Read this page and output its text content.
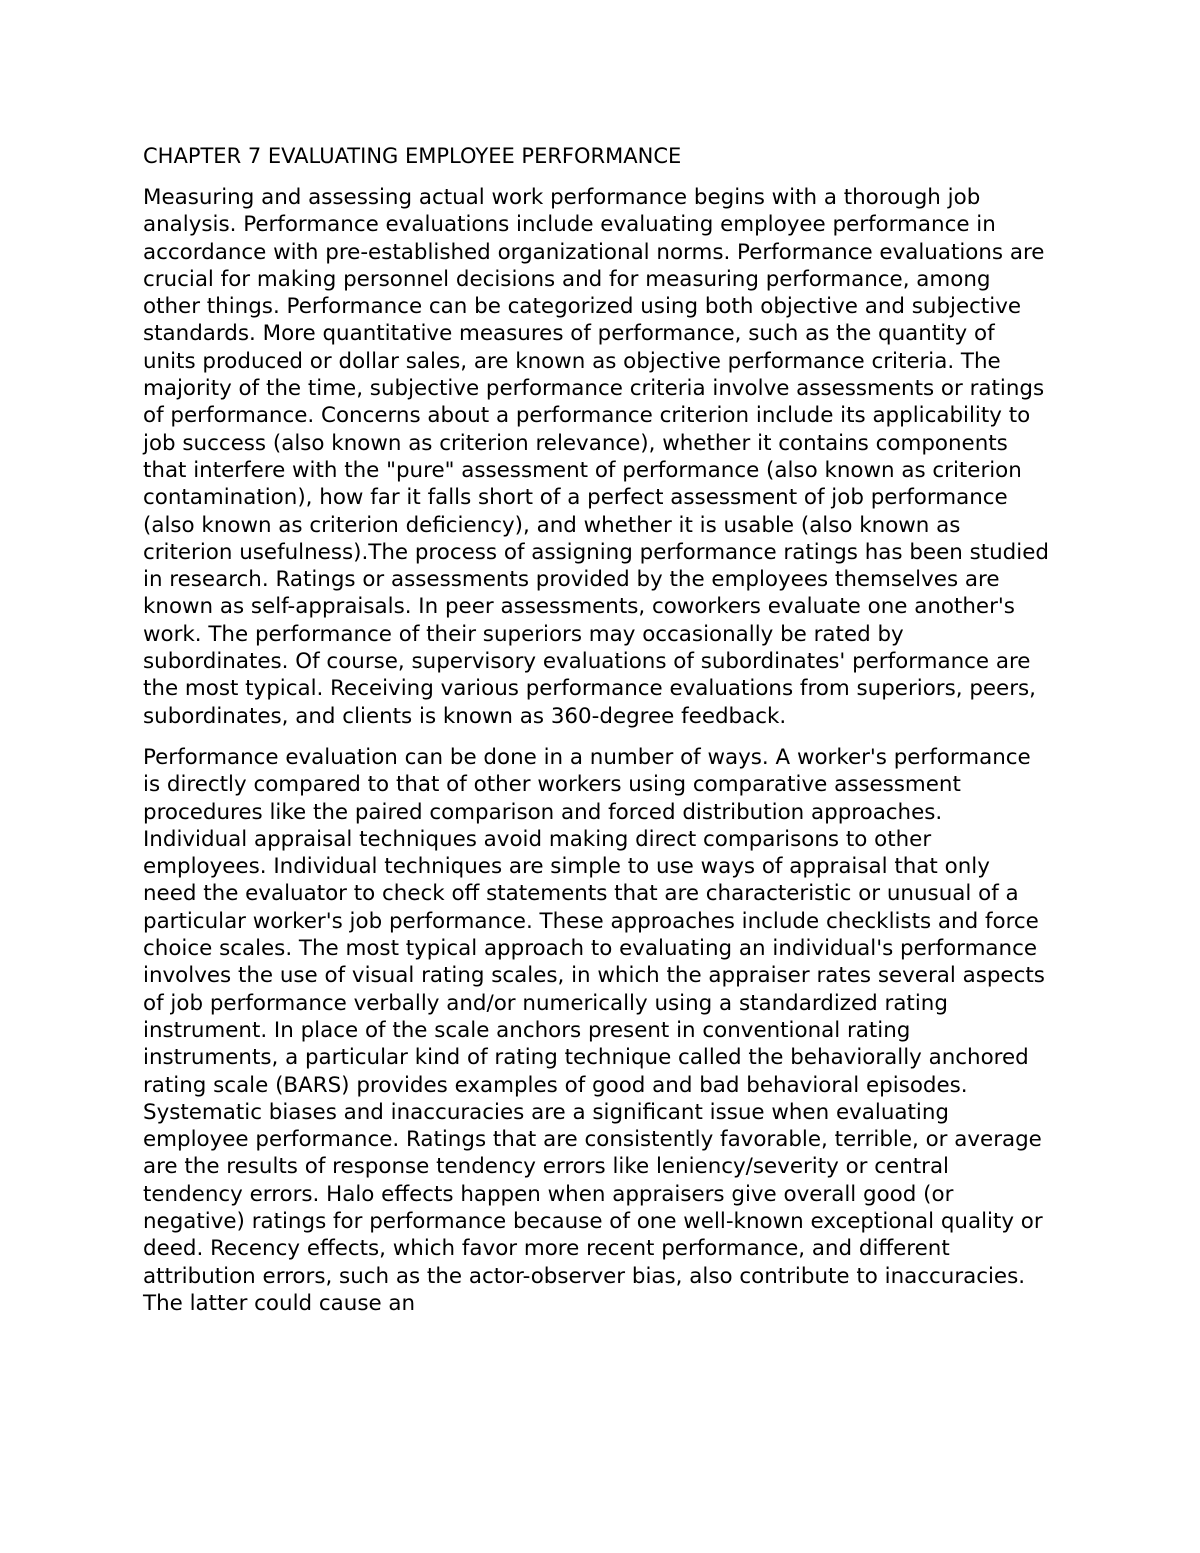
CHAPTER 7 EVALUATING EMPLOYEE PERFORMANCE

Measuring and assessing actual work performance begins with a thorough job analysis. Performance evaluations include evaluating employee performance in accordance with pre-established organizational norms. Performance evaluations are crucial for making personnel decisions and for measuring performance, among other things. Performance can be categorized using both objective and subjective standards. More quantitative measures of performance, such as the quantity of units produced or dollar sales, are known as objective performance criteria. The majority of the time, subjective performance criteria involve assessments or ratings of performance. Concerns about a performance criterion include its applicability to job success (also known as criterion relevance), whether it contains components that interfere with the "pure" assessment of performance (also known as criterion contamination), how far it falls short of a perfect assessment of job performance (also known as criterion deficiency), and whether it is usable (also known as criterion usefulness).The process of assigning performance ratings has been studied in research. Ratings or assessments provided by the employees themselves are known as self-appraisals. In peer assessments, coworkers evaluate one another's work. The performance of their superiors may occasionally be rated by subordinates. Of course, supervisory evaluations of subordinates' performance are the most typical. Receiving various performance evaluations from superiors, peers, subordinates, and clients is known as 360-degree feedback.

Performance evaluation can be done in a number of ways. A worker's performance is directly compared to that of other workers using comparative assessment procedures like the paired comparison and forced distribution approaches. Individual appraisal techniques avoid making direct comparisons to other employees. Individual techniques are simple to use ways of appraisal that only need the evaluator to check off statements that are characteristic or unusual of a particular worker's job performance. These approaches include checklists and force choice scales. The most typical approach to evaluating an individual's performance involves the use of visual rating scales, in which the appraiser rates several aspects of job performance verbally and/or numerically using a standardized rating instrument. In place of the scale anchors present in conventional rating instruments, a particular kind of rating technique called the behaviorally anchored rating scale (BARS) provides examples of good and bad behavioral episodes. Systematic biases and inaccuracies are a significant issue when evaluating employee performance. Ratings that are consistently favorable, terrible, or average are the results of response tendency errors like leniency/severity or central tendency errors. Halo effects happen when appraisers give overall good (or negative) ratings for performance because of one well-known exceptional quality or deed. Recency effects, which favor more recent performance, and different attribution errors, such as the actor-observer bias, also contribute to inaccuracies. The latter could cause an
